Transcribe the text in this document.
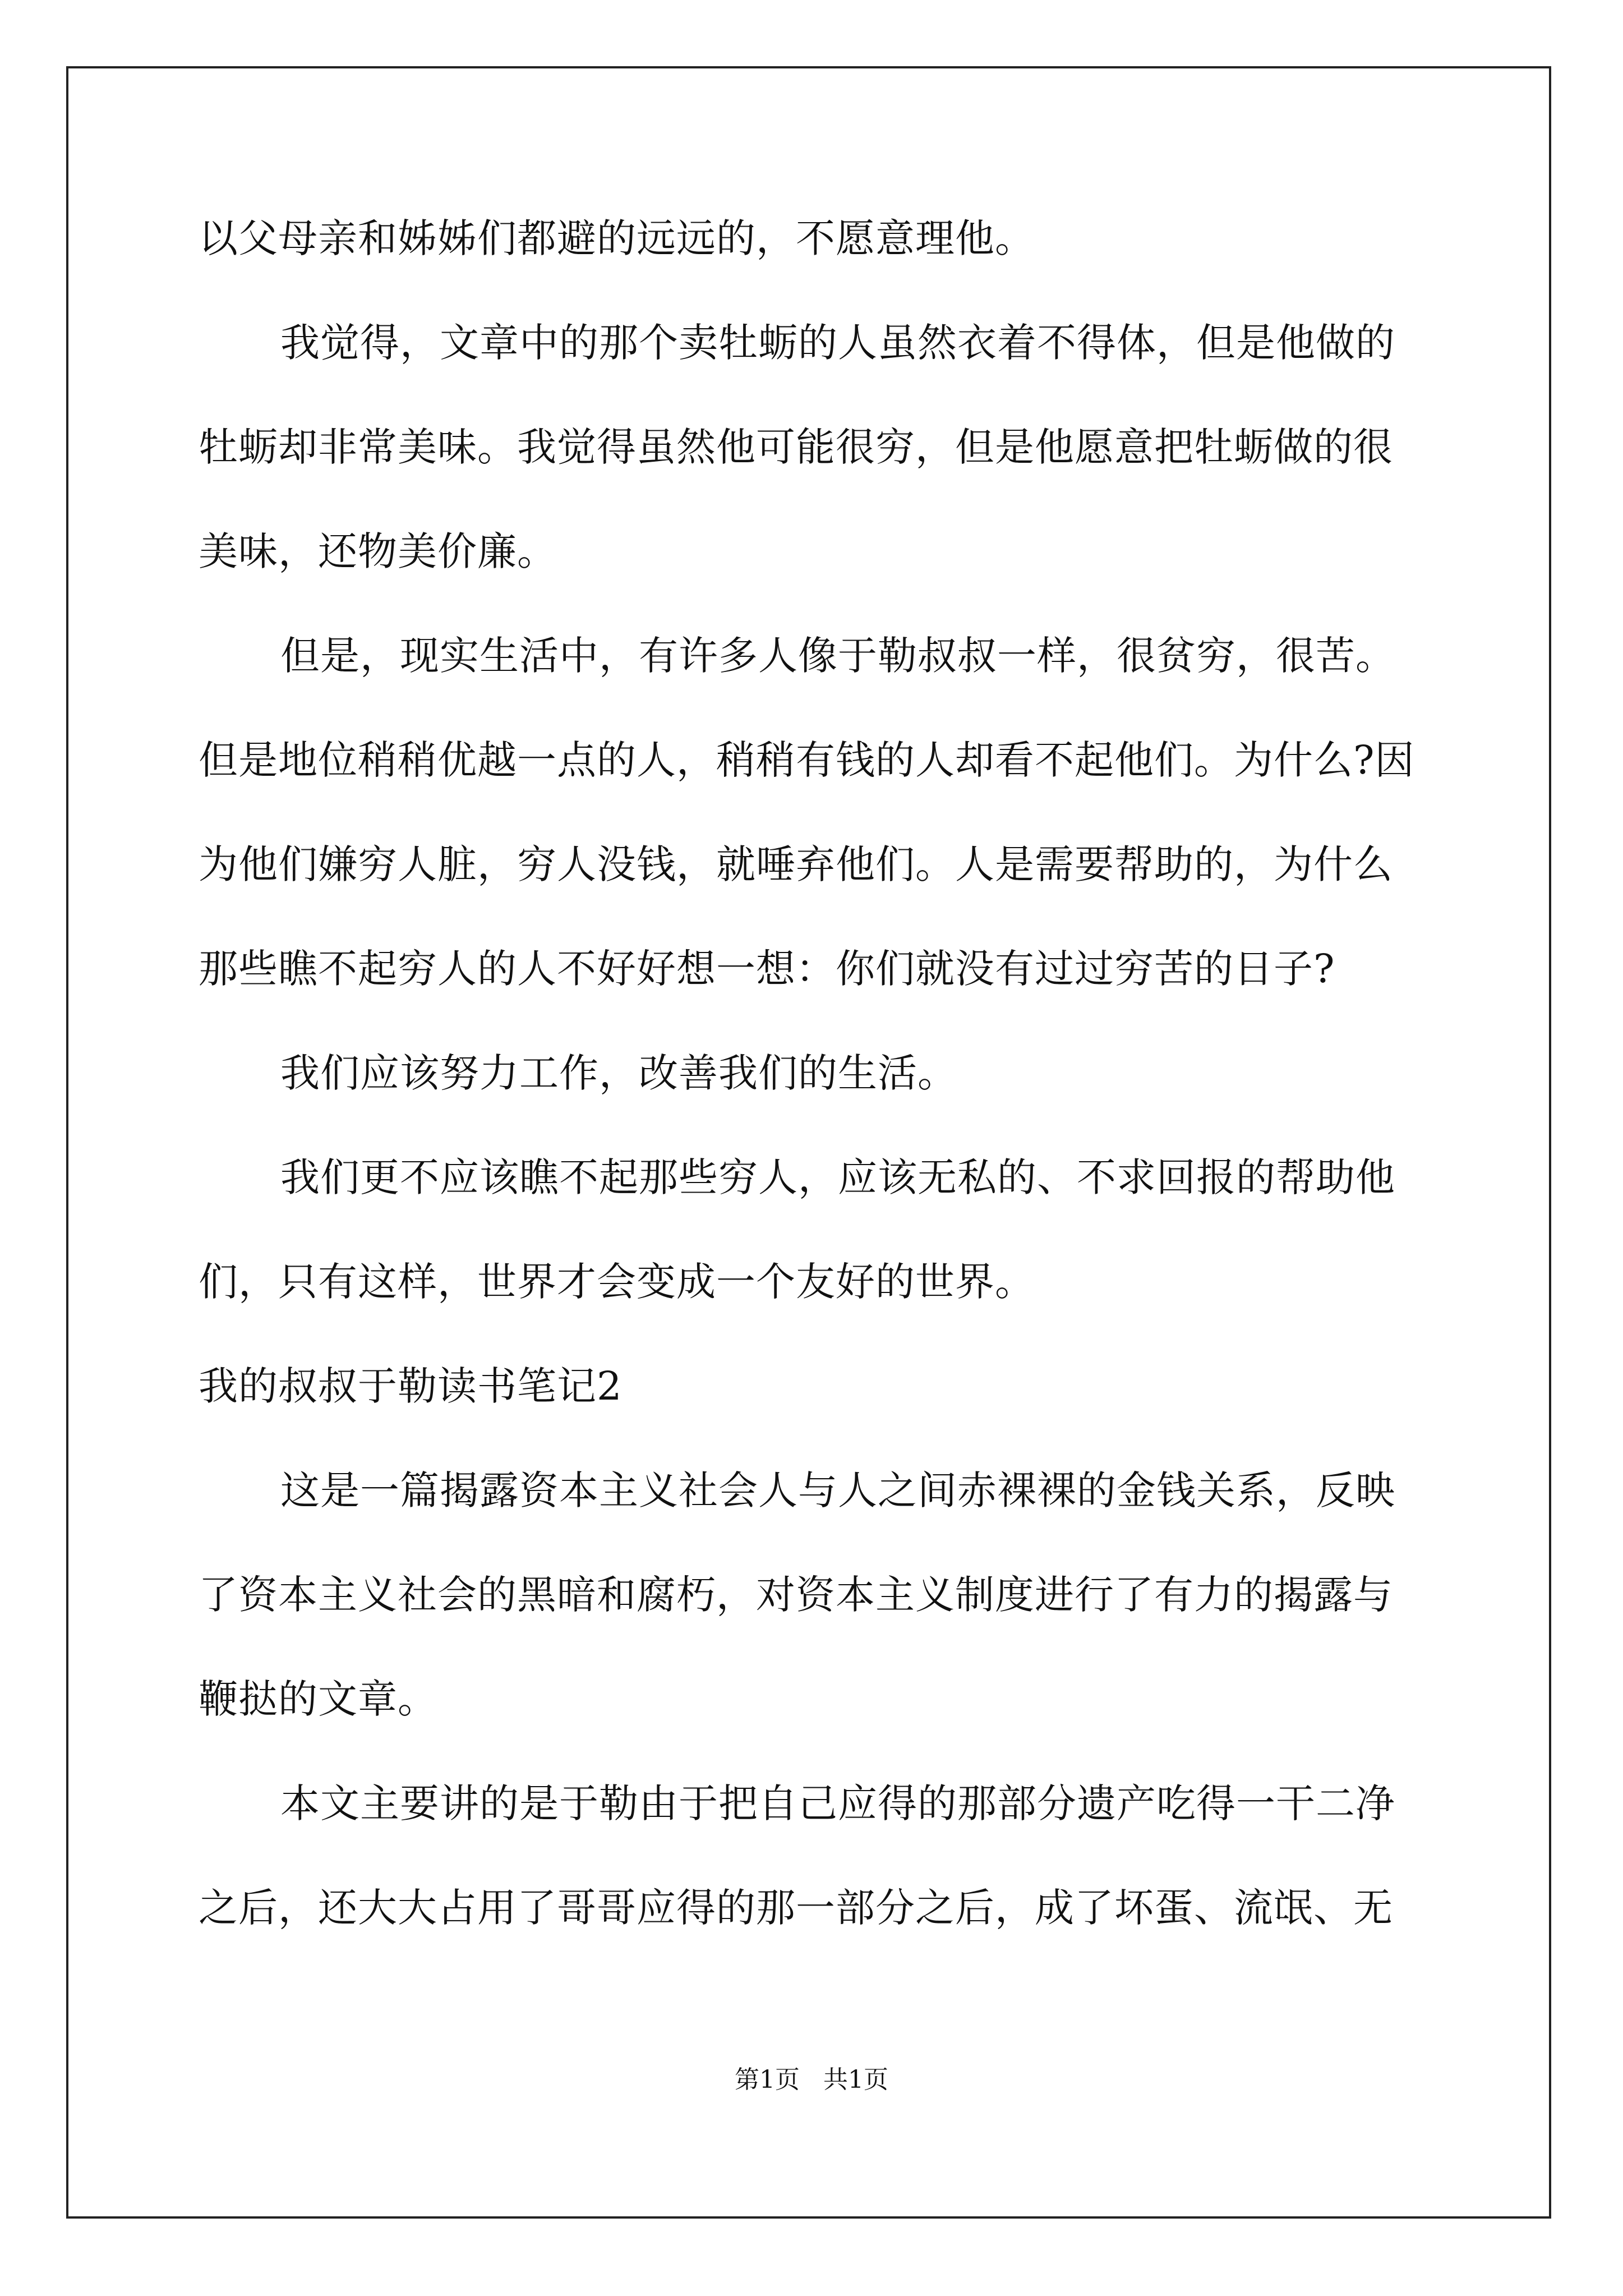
以父母亲和姊姊们都避的远远的，不愿意理他。
我觉得，文章中的那个卖牡蛎的人虽然衣着不得体，但是他做的
牡蛎却非常美味。我觉得虽然他可能很穷，但是他愿意把牡蛎做的很
美味，还物美价廉。
但是，现实生活中，有许多人像于勒叔叔一样，很贫穷，很苦。
但是地位稍稍优越一点的人，稍稍有钱的人却看不起他们。为什么?因
为他们嫌穷人脏，穷人没钱，就唾弃他们。人是需要帮助的，为什么
那些瞧不起穷人的人不好好想一想：你们就没有过过穷苦的日子?
我们应该努力工作，改善我们的生活。
我们更不应该瞧不起那些穷人，应该无私的、不求回报的帮助他
们，只有这样，世界才会变成一个友好的世界。
我的叔叔于勒读书笔记2
这是一篇揭露资本主义社会人与人之间赤裸裸的金钱关系，反映
了资本主义社会的黑暗和腐朽，对资本主义制度进行了有力的揭露与
鞭挞的文章。
本文主要讲的是于勒由于把自己应得的那部分遗产吃得一干二净
之后，还大大占用了哥哥应得的那一部分之后，成了坏蛋、流氓、无
第1页 共1页
